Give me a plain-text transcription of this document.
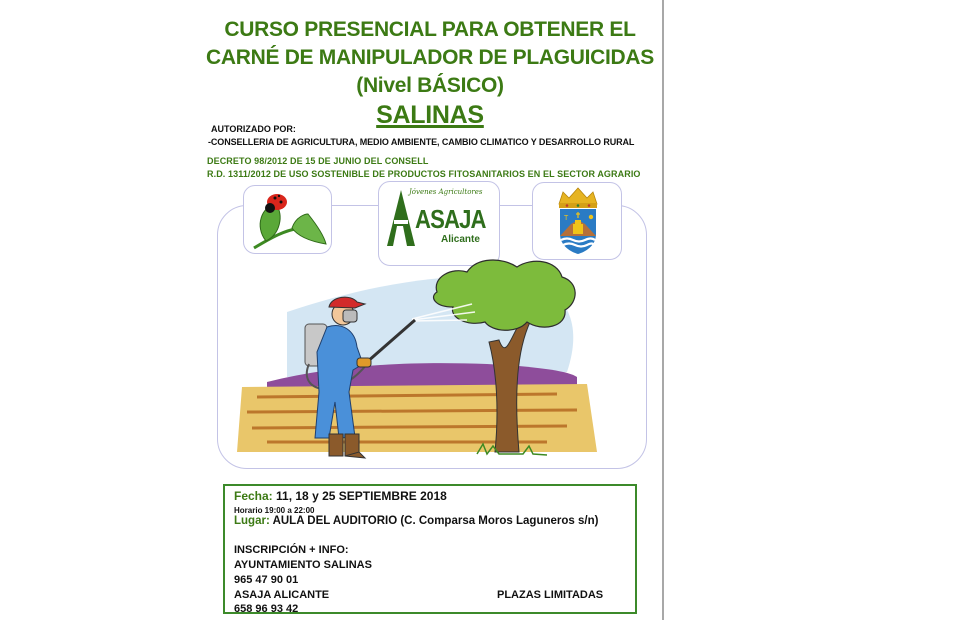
CURSO PRESENCIAL PARA OBTENER EL
CARNÉ DE MANIPULADOR DE PLAGUICIDAS
(Nivel BÁSICO)
SALINAS
AUTORIZADO POR:
-CONSELLERIA DE AGRICULTURA, MEDIO AMBIENTE, CAMBIO CLIMATICO Y DESARROLLO RURAL
DECRETO 98/2012 DE 15 DE JUNIO DEL CONSELL
R.D. 1311/2012 DE USO SOSTENIBLE DE PRODUCTOS FITOSANITARIOS EN EL SECTOR AGRARIO
Jóvenes Agricultores
ASAJA
Alicante
T
Fecha: 11, 18 y 25 SEPTIEMBRE 2018
Horario 19:00 a 22:00
Lugar: AULA DEL AUDITORIO (C. Comparsa Moros Laguneros s/n)
INSCRIPCIÓN + INFO:
AYUNTAMIENTO SALINAS
965 47 90 01
ASAJA ALICANTE
658 96 93 42
PLAZAS LIMITADAS
